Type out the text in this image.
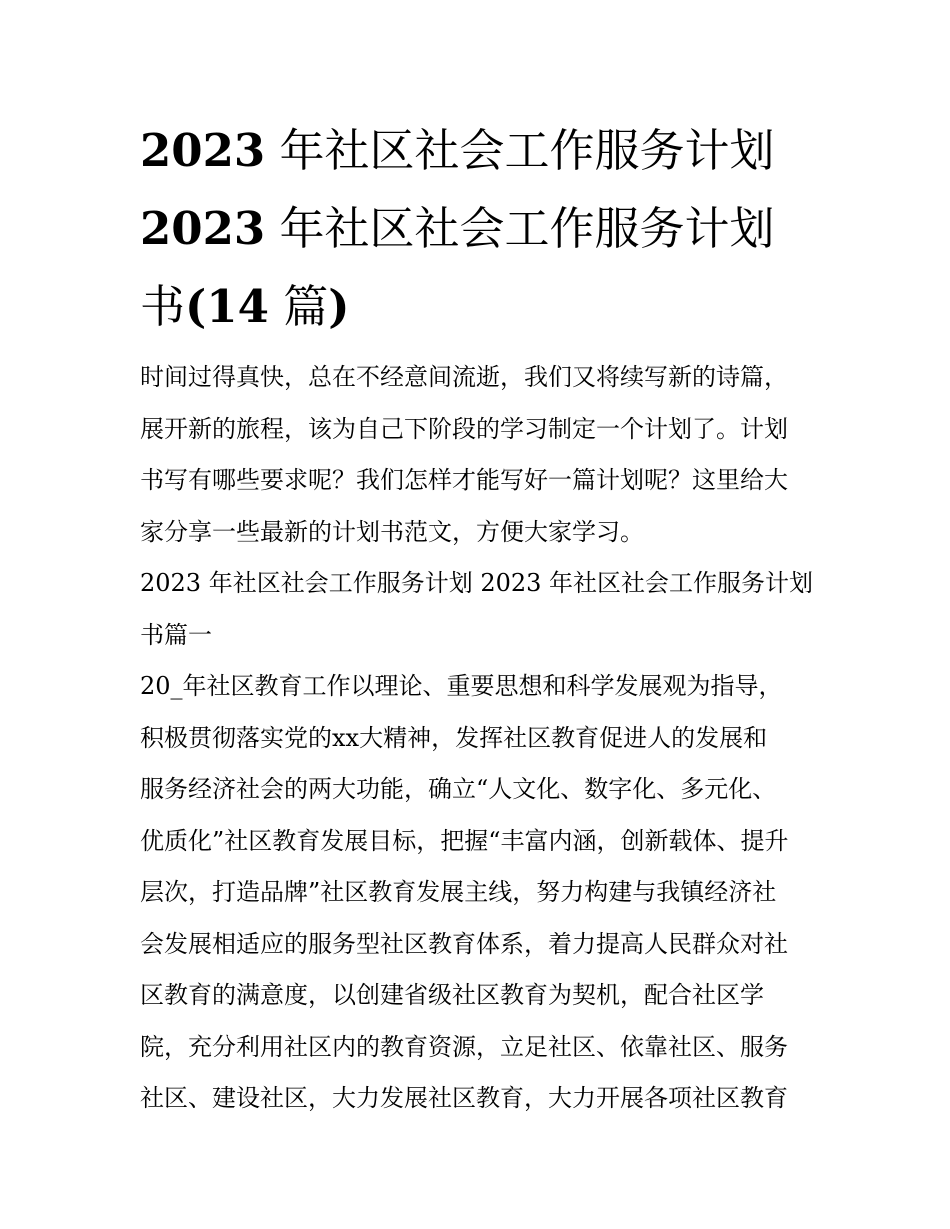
2023 年社区社会工作服务计划
2023 年社区社会工作服务计划
书(14 篇)

时间过得真快，总在不经意间流逝，我们又将续写新的诗篇，
展开新的旅程，该为自己下阶段的学习制定一个计划了。计划
书写有哪些要求呢？我们怎样才能写好一篇计划呢？这里给大
家分享一些最新的计划书范文，方便大家学习。

2023 年社区社会工作服务计划 2023 年社区社会工作服务计划
书篇一

20_年社区教育工作以理论、重要思想和科学发展观为指导，
积极贯彻落实党的xx大精神，发挥社区教育促进人的发展和
服务经济社会的两大功能，确立“人文化、数字化、多元化、
优质化”社区教育发展目标，把握“丰富内涵，创新载体、提升
层次，打造品牌”社区教育发展主线，努力构建与我镇经济社
会发展相适应的服务型社区教育体系，着力提高人民群众对社
区教育的满意度，以创建省级社区教育为契机，配合社区学
院，充分利用社区内的教育资源，立足社区、依靠社区、服务
社区、建设社区，大力发展社区教育，大力开展各项社区教育
